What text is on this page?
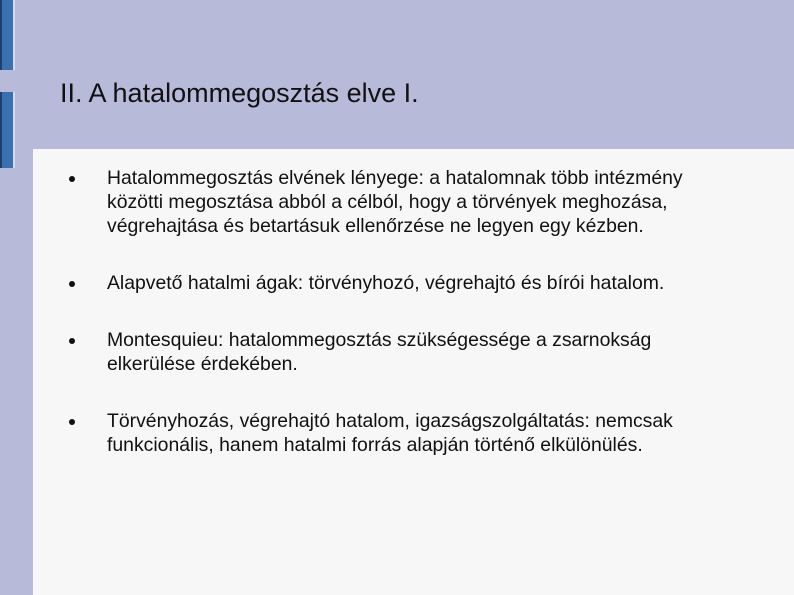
II. A hatalommegosztás elve I.
Hatalommegosztás elvének lényege: a hatalomnak több intézmény közötti megosztása abból a célból, hogy a törvények meghozása, végrehajtása és betartásuk ellenőrzése ne legyen egy kézben.
Alapvető hatalmi ágak: törvényhozó, végrehajtó és bírói hatalom.
Montesquieu: hatalommegosztás szükségessége a zsarnokság elkerülése érdekében.
Törvényhozás, végrehajtó hatalom, igazságszolgáltatás: nemcsak funkcionális, hanem hatalmi forrás alapján történő elkülönülés.
